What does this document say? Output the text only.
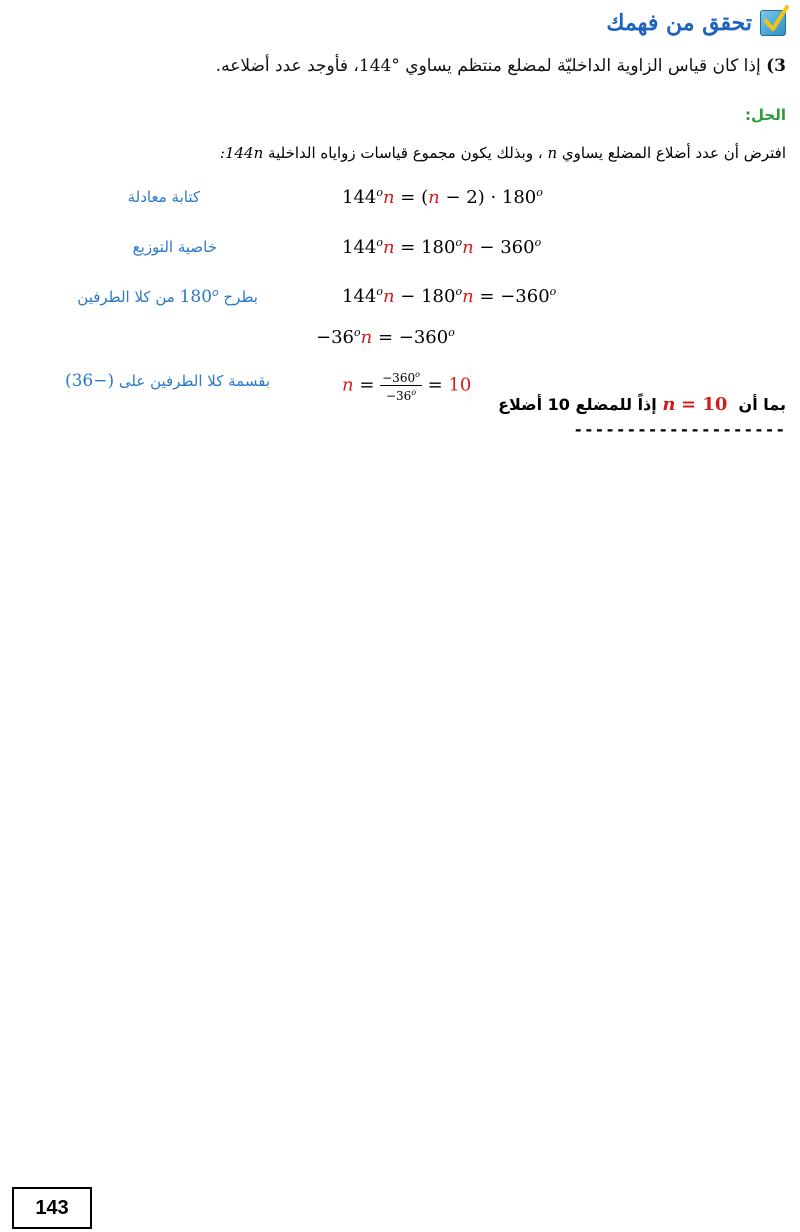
تحقق من فهمك
3) إذا كان قياس الزاوية الداخليّة لمضلع منتظم يساوي °144، فأوجد عدد أضلاعه.
الحل:
افترض أن عدد أضلاع المضلع يساوي n ، وبذلك يكون مجموع قياسات زواياه الداخلية 144n:
$144^on = (n - 2) \cdot 180^o$
كتابة معادلة
$144^on = 180^on - 360^o$
خاصية التوزيع
$144^on - 180^on = -360^o$
بطرح 180$^o$ من كلا الطرفين
$-36^on = -360^o$
$n = \frac{-360^o}{-36^o} = 10$
بقسمة كلا الطرفين على (−36)
بما أن  n = 10 إذاً للمضلع 10 أضلاع
--------------------
143
